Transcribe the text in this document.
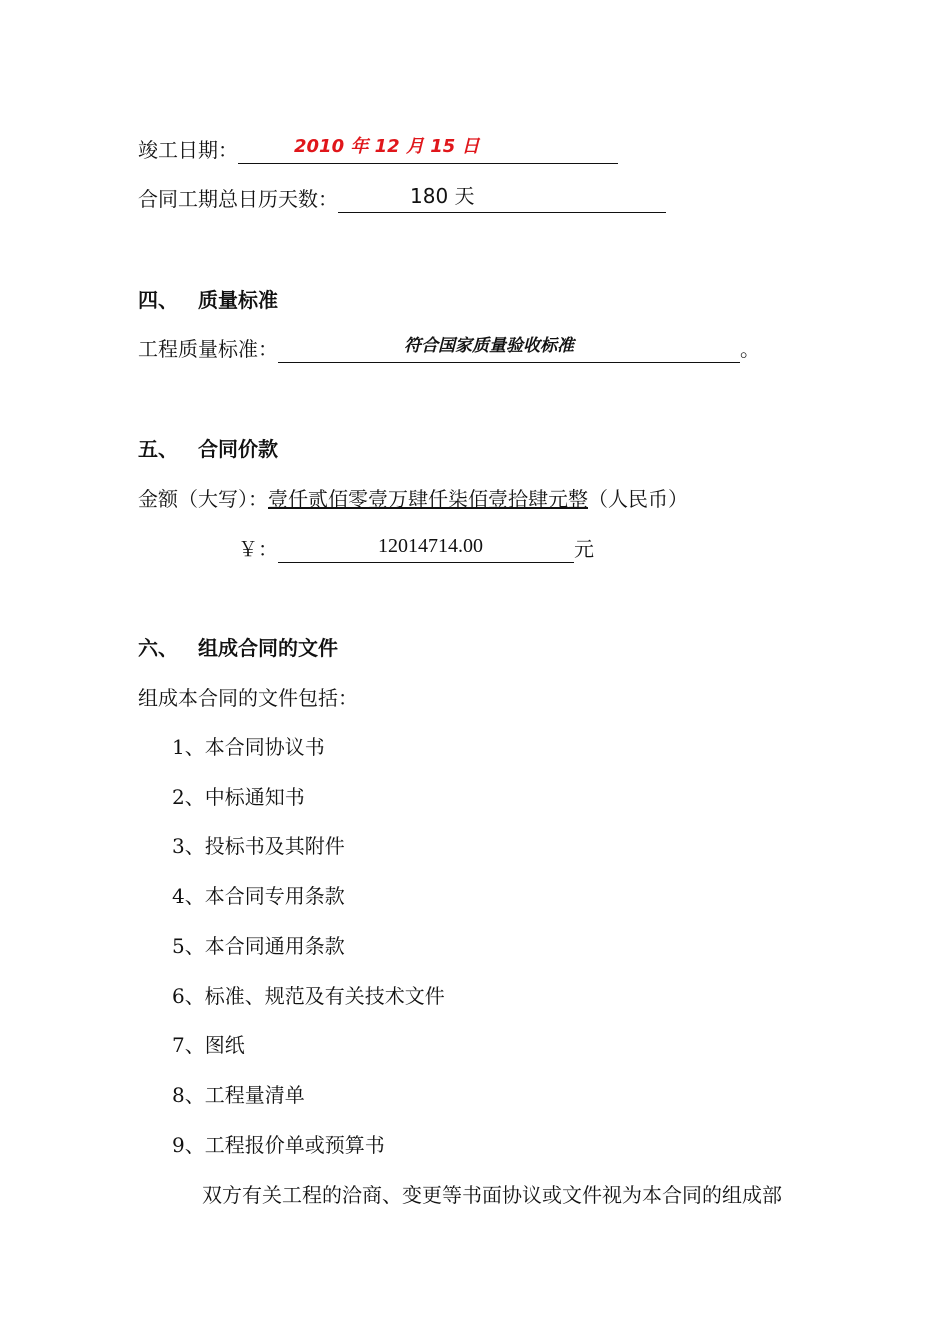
竣工日期：	2010 年 12 月 15 日
合同工期总日历天数：	180 天
四、 质量标准
工程质量标准：	符合国家质量验收标准	。
五、 合同价款
金额（大写）：壹仟贰佰零壹万肆仟柒佰壹拾肆元整（人民币）
￥：	12014714.00	元
六、 组成合同的文件
组成本合同的文件包括：
1、本合同协议书
2、中标通知书
3、投标书及其附件
4、本合同专用条款
5、本合同通用条款
6、标准、规范及有关技术文件
7、图纸
8、工程量清单
9、工程报价单或预算书
双方有关工程的洽商、变更等书面协议或文件视为本合同的组成部
